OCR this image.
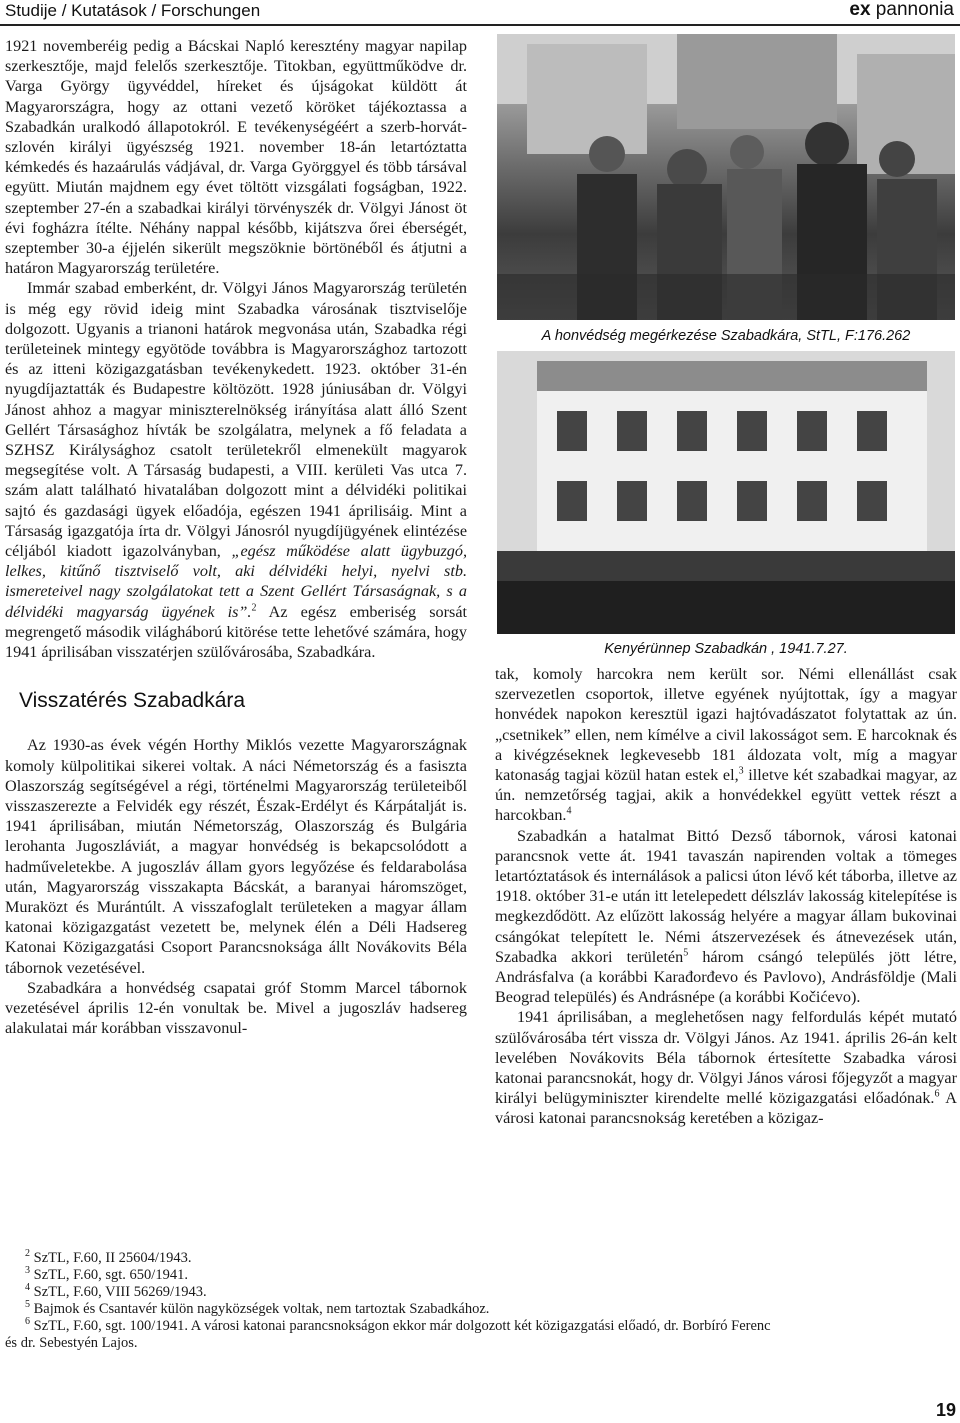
Studije / Kutatások / Forschungen	ex pannonia

1921 novemberéig pedig a Bácskai Napló keresztény magyar napilap szerkesztője, majd felelős szerkesztője. Titokban, együttműködve dr. Varga György ügyvéddel, híreket és újságokat küldött át Magyarországra, hogy az ottani vezető köröket tájékoztassa a Szabadkán uralkodó állapotokról. E tevékenységéért a szerb-horvát-szlovén királyi ügyészség 1921. november 18-án letartóztatta kémkedés és hazaárulás vádjával, dr. Varga Györggyel és több társával együtt. Miután majdnem egy évet töltött vizsgálati fogságban, 1922. szeptember 27-én a szabadkai királyi törvényszék dr. Völgyi Jánost öt évi fogházra ítélte. Néhány nappal később, kijátszva őrei éberségét, szeptember 30-a éjjelén sikerült megszöknie börtönéből és átjutni a határon Magyarország területére.

Immár szabad emberként, dr. Völgyi János Magyarország területén is még egy rövid ideig mint Szabadka városának tisztviselője dolgozott. Ugyanis a trianoni határok megvonása után, Szabadka régi területeinek mintegy egyötöde továbbra is Magyarországhoz tartozott és az itteni közigazgatásban tevékenykedett. 1923. október 31-én nyugdíjaztatták és Budapestre költözött. 1928 júniusában dr. Völgyi Jánost ahhoz a magyar miniszterelnökség irányítása alatt álló Szent Gellért Társasághoz hívták be szolgálatra, melynek a fő feladata a SZHSZ Királysághoz csatolt területekről elmenekült magyarok megsegítése volt. A Társaság budapesti, a VIII. kerületi Vas utca 7. szám alatt található hivatalában dolgozott mint a délvidéki politikai sajtó és gazdasági ügyek előadója, egészen 1941 áprilisáig. Mint a Társaság igazgatója írta dr. Völgyi Jánosról nyugdíjügyének elintézése céljából kiadott igazolványban, „egész működése alatt ügybuzgó, lelkes, kitűnő tisztviselő volt, aki délvidéki helyi, nyelvi stb. ismereteivel nagy szolgálatokat tett a Szent Gellért Társaságnak, s a délvidéki magyarság ügyének is”.$^2$ Az egész emberiség sorsát megrengető második világháború kitörése tette lehetővé számára, hogy 1941 áprilisában visszatérjen szülővárosába, Szabadkára.

Visszatérés Szabadkára

Az 1930-as évek végén Horthy Miklós vezette Magyarországnak komoly külpolitikai sikerei voltak. A náci Németország és a fasiszta Olaszország segítségével a régi, történelmi Magyarország területeiből visszaszerezte a Felvidék egy részét, Észak-Erdélyt és Kárpátalját is. 1941 áprilisában, miután Németország, Olaszország és Bulgária lerohanta Jugoszláviát, a magyar honvédség is bekapcsolódott a hadműveletekbe. A jugoszláv állam gyors legyőzése és feldarabolása után, Magyarország visszakapta Bácskát, a baranyai háromszöget, Muraközt és Murántúlt. A visszafoglalt területeken a magyar állam katonai közigazgatást vezetett be, melynek élén a Déli Hadsereg Katonai Közigazgatási Csoport Parancsnoksága állt Novákovits Béla tábornok vezetésével.

Szabadkára a honvédség csapatai gróf Stomm Marcel tábornok vezetésével április 12-én vonultak be. Mivel a jugoszláv hadsereg alakulatai már korábban visszavonul-

A honvédség megérkezése Szabadkára, StTL, F:176.262
Kenyérünnep Szabadkán , 1941.7.27.

tak, komoly harcokra nem került sor. Némi ellenállást csak szervezetlen csoportok, illetve egyének nyújtottak, így a magyar honvédek napokon keresztül igazi hajtóvadászatot folytattak az ún. „csetnikek” ellen, nem kímélve a civil lakosságot sem. E harcoknak és a kivégzéseknek legkevesebb 181 áldozata volt, míg a magyar katonaság tagjai közül hatan estek el,$^3$ illetve két szabadkai magyar, az ún. nemzetőrség tagjai, akik a honvédekkel együtt vettek részt a harcokban.$^4$

Szabadkán a hatalmat Bittó Dezső tábornok, városi katonai parancsnok vette át. 1941 tavaszán napirenden voltak a tömeges letartóztatások és internálások a palicsi úton lévő két táborba, illetve az 1918. október 31-e után itt letelepedett délszláv lakosság kitelepítése is megkezdődött. Az elűzött lakosság helyére a magyar állam bukovinai csángókat telepített le. Némi átszervezések és átnevezések után, Szabadka akkori területén$^5$ három csángó település jött létre, Andrásfalva (a korábbi Karađorđevo és Pavlovo), Andrásföldje (Mali Beograd település) és Andrásnépe (a korábbi Kočićevo).

1941 áprilisában, a meglehetősen nagy felfordulás képét mutató szülővárosába tért vissza dr. Völgyi János. Az 1941. április 26-án kelt levelében Novákovits Béla tábornok értesítette Szabadka városi katonai parancsnokát, hogy dr. Völgyi János városi főjegyzőt a magyar királyi belügyminiszter kirendelte mellé közigazgatási előadónak.$^6$ A városi katonai parancsnokság keretében a közigaz-

$^2$ SzTL, F.60, II 25604/1943.
$^3$ SzTL, F.60, sgt. 650/1941.
$^4$ SzTL, F.60, VIII 56269/1943.
$^5$ Bajmok és Csantavér külön nagyközségek voltak, nem tartoztak Szabadkához.
$^6$ SzTL, F.60, sgt. 100/1941. A városi katonai parancsnokságon ekkor már dolgozott két közigazgatási előadó, dr. Borbíró Ferenc
és dr. Sebestyén Lajos.
19
